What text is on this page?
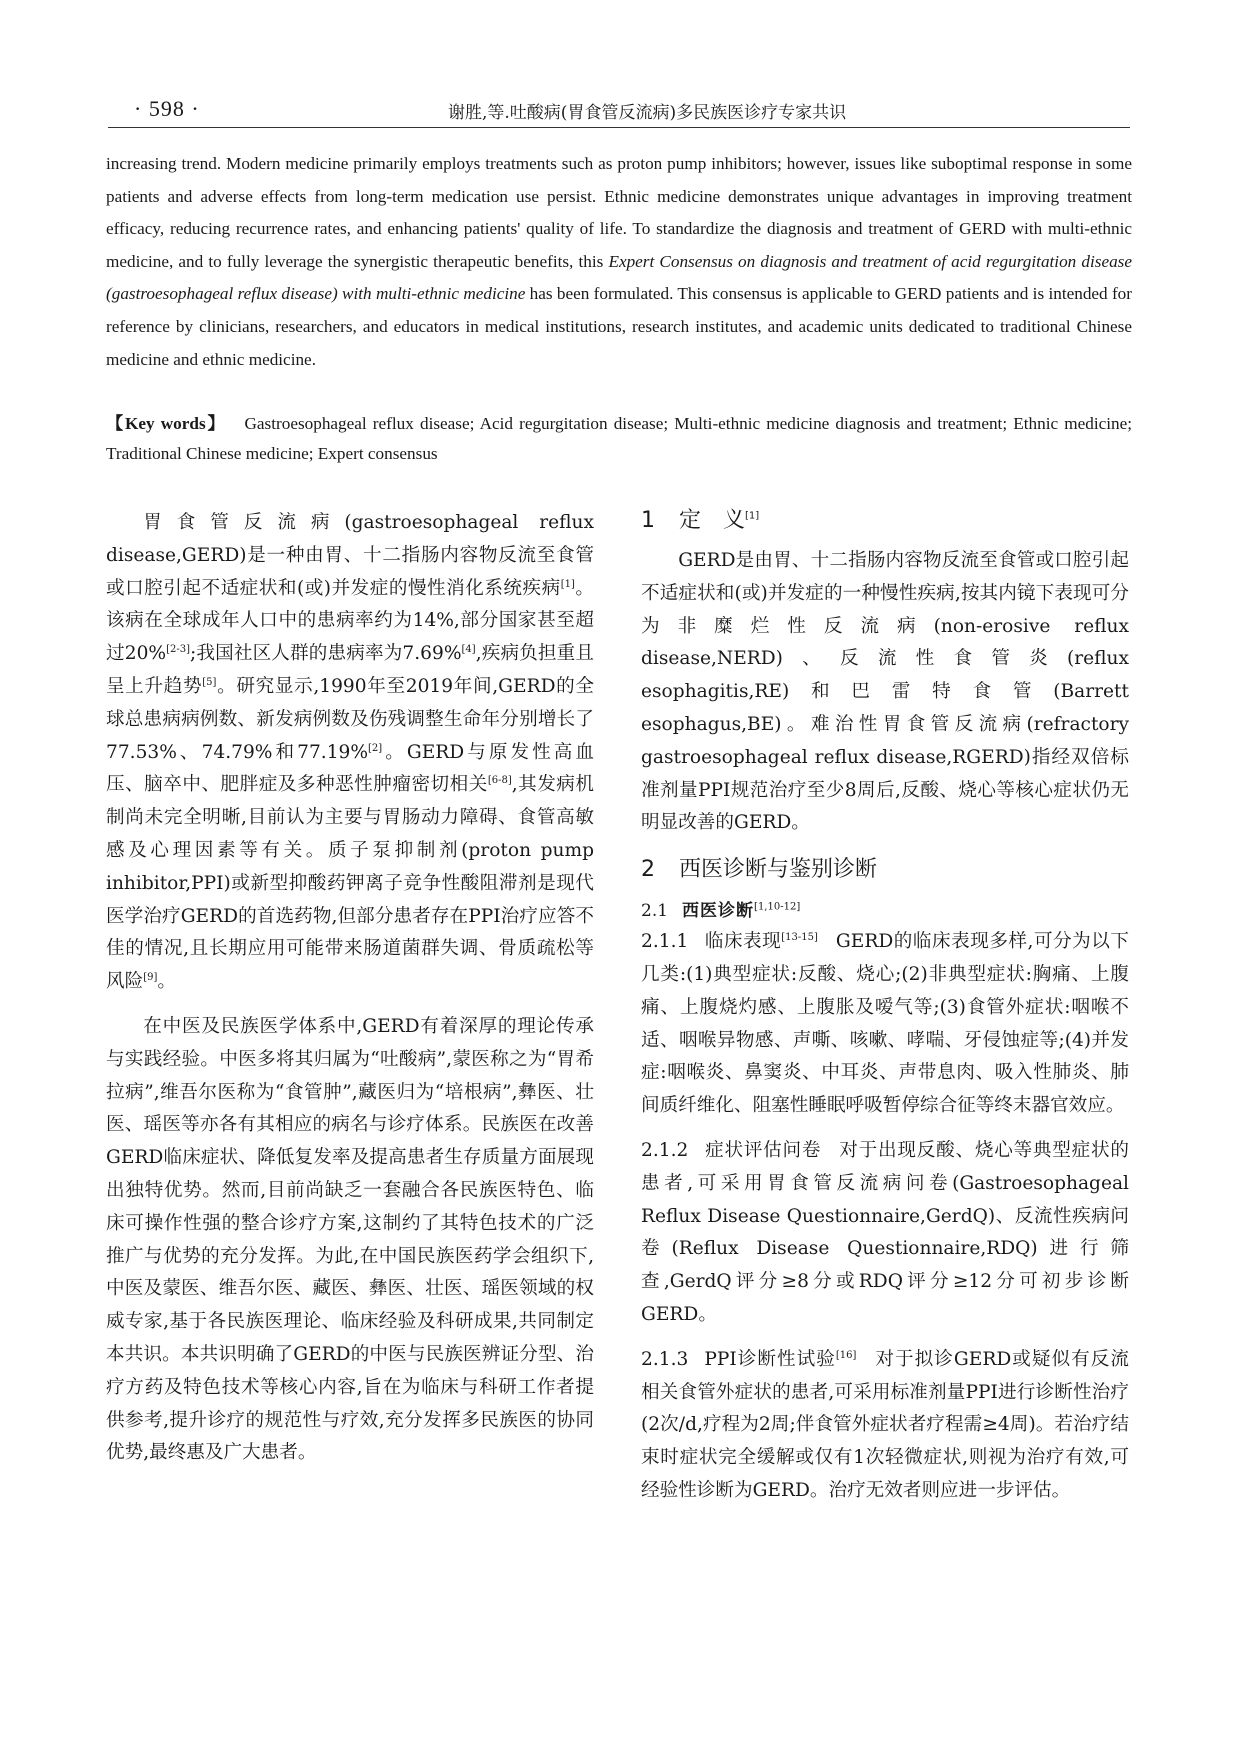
· 598 ·	谢胜,等.吐酸病(胃食管反流病)多民族医诊疗专家共识

increasing trend. Modern medicine primarily employs treatments such as proton pump inhibitors; however, issues like suboptimal response in some patients and adverse effects from long-term medication use persist. Ethnic medicine demonstrates unique advantages in improving treatment efficacy, reducing recurrence rates, and enhancing patients' quality of life. To standardize the diagnosis and treatment of GERD with multi-ethnic medicine, and to fully leverage the synergistic therapeutic benefits, this Expert Consensus on diagnosis and treatment of acid regurgitation disease (gastroesophageal reflux disease) with multi-ethnic medicine has been formulated. This consensus is applicable to GERD patients and is intended for reference by clinicians, researchers, and educators in medical institutions, research institutes, and academic units dedicated to traditional Chinese medicine and ethnic medicine.

【Key words】 Gastroesophageal reflux disease; Acid regurgitation disease; Multi-ethnic medicine diagnosis and treatment; Ethnic medicine; Traditional Chinese medicine; Expert consensus

胃食管反流病(gastroesophageal reflux disease,GERD)是一种由胃、十二指肠内容物反流至食管或口腔引起不适症状和(或)并发症的慢性消化系统疾病[1]。该病在全球成年人口中的患病率约为14%,部分国家甚至超过20%[2-3];我国社区人群的患病率为7.69%[4],疾病负担重且呈上升趋势[5]。研究显示,1990年至2019年间,GERD的全球总患病病例数、新发病例数及伤残调整生命年分别增长了77.53%、74.79%和77.19%[2]。GERD与原发性高血压、脑卒中、肥胖症及多种恶性肿瘤密切相关[6-8],其发病机制尚未完全明晰,目前认为主要与胃肠动力障碍、食管高敏感及心理因素等有关。质子泵抑制剂(proton pump inhibitor,PPI)或新型抑酸药钾离子竞争性酸阻滞剂是现代医学治疗GERD的首选药物,但部分患者存在PPI治疗应答不佳的情况,且长期应用可能带来肠道菌群失调、骨质疏松等风险[9]。

在中医及民族医学体系中,GERD有着深厚的理论传承与实践经验。中医多将其归属为“吐酸病”,蒙医称之为“胃希拉病”,维吾尔医称为“食管肿”,藏医归为“培根病”,彝医、壮医、瑶医等亦各有其相应的病名与诊疗体系。民族医在改善GERD临床症状、降低复发率及提高患者生存质量方面展现出独特优势。然而,目前尚缺乏一套融合各民族医特色、临床可操作性强的整合诊疗方案,这制约了其特色技术的广泛推广与优势的充分发挥。为此,在中国民族医药学会组织下,中医及蒙医、维吾尔医、藏医、彝医、壮医、瑶医领域的权威专家,基于各民族医理论、临床经验及科研成果,共同制定本共识。本共识明确了GERD的中医与民族医辨证分型、治疗方药及特色技术等核心内容,旨在为临床与科研工作者提供参考,提升诊疗的规范性与疗效,充分发挥多民族医的协同优势,最终惠及广大患者。

1 定　义[1]

GERD是由胃、十二指肠内容物反流至食管或口腔引起不适症状和(或)并发症的一种慢性疾病,按其内镜下表现可分为非糜烂性反流病(non-erosive reflux disease,NERD)、反流性食管炎(reflux esophagitis,RE)和巴雷特食管(Barrett esophagus,BE)。难治性胃食管反流病(refractory gastroesophageal reflux disease,RGERD)指经双倍标准剂量PPI规范治疗至少8周后,反酸、烧心等核心症状仍无明显改善的GERD。

2 西医诊断与鉴别诊断
2.1 西医诊断[1,10-12]

2.1.1 临床表现[13-15] GERD的临床表现多样,可分为以下几类:(1)典型症状:反酸、烧心;(2)非典型症状:胸痛、上腹痛、上腹烧灼感、上腹胀及嗳气等;(3)食管外症状:咽喉不适、咽喉异物感、声嘶、咳嗽、哮喘、牙侵蚀症等;(4)并发症:咽喉炎、鼻窦炎、中耳炎、声带息肉、吸入性肺炎、肺间质纤维化、阻塞性睡眠呼吸暂停综合征等终末器官效应。

2.1.2 症状评估问卷 对于出现反酸、烧心等典型症状的患者,可采用胃食管反流病问卷(Gastroesophageal Reflux Disease Questionnaire,GerdQ)、反流性疾病问卷(Reflux Disease Questionnaire,RDQ)进行筛查,GerdQ评分≥8分或RDQ评分≥12分可初步诊断GERD。

2.1.3 PPI诊断性试验[16] 对于拟诊GERD或疑似有反流相关食管外症状的患者,可采用标准剂量PPI进行诊断性治疗(2次/d,疗程为2周;伴食管外症状者疗程需≥4周)。若治疗结束时症状完全缓解或仅有1次轻微症状,则视为治疗有效,可经验性诊断为GERD。治疗无效者则应进一步评估。
